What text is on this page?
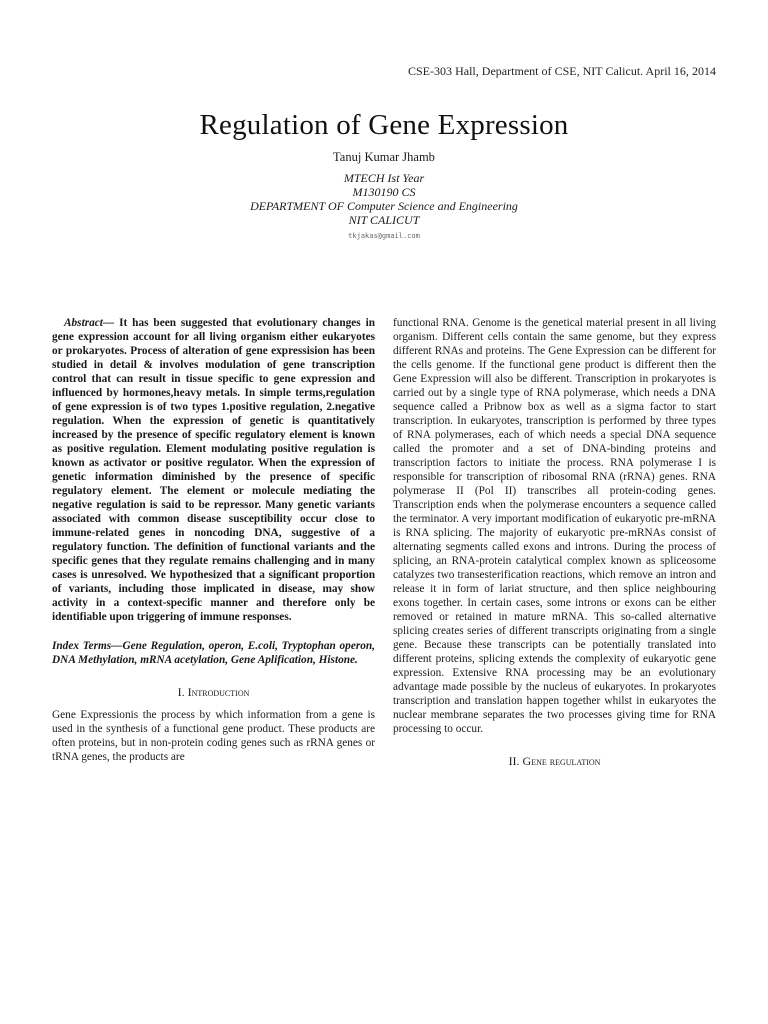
CSE-303 Hall, Department of CSE, NIT Calicut. April 16, 2014
Regulation of Gene Expression
Tanuj Kumar Jhamb
MTECH Ist Year
M130190 CS
DEPARTMENT OF Computer Science and Engineering
NIT CALICUT
tkjakas@gmail.com

Abstract— It has been suggested that evolutionary changes in gene expression account for all living organism either eukaryotes or prokaryotes. Process of alteration of gene expressision has been studied in detail & involves modulation of gene transcription control that can result in tissue specific to gene expression and influenced by hormones,heavy metals. In simple terms,regulation of gene expression is of two types 1.positive regulation, 2.negative regulation. When the expression of genetic is quantitatively increased by the presence of specific regulatory element is known as positive regulation. Element modulating positive regulation is known as activator or positive regulator. When the expression of genetic information diminished by the presence of specific regulatory element. The element or molecule mediating the negative regulation is said to be repressor. Many genetic variants associated with common disease susceptibility occur close to immune-related genes in noncoding DNA, suggestive of a regulatory function. The definition of functional variants and the specific genes that they regulate remains challenging and in many cases is unresolved. We hypothesized that a significant proportion of variants, including those implicated in disease, may show activity in a context-specific manner and therefore only be identifiable upon triggering of immune responses.

Index Terms—Gene Regulation, operon, E.coli, Tryptophan operon, DNA Methylation, mRNA acetylation, Gene Aplification, Histone.

I. Introduction

Gene Expressionis the process by which information from a gene is used in the synthesis of a functional gene product. These products are often proteins, but in non-protein coding genes such as rRNA genes or tRNA genes, the products are

functional RNA. Genome is the genetical material present in all living organism. Different cells contain the same genome, but they express different RNAs and proteins. The Gene Expression can be different for the cells genome. If the functional gene product is different then the Gene Expression will also be different. Transcription in prokaryotes is carried out by a single type of RNA polymerase, which needs a DNA sequence called a Pribnow box as well as a sigma factor to start transcription. In eukaryotes, transcription is performed by three types of RNA polymerases, each of which needs a special DNA sequence called the promoter and a set of DNA-binding proteins and transcription factors to initiate the process. RNA polymerase I is responsible for transcription of ribosomal RNA (rRNA) genes. RNA polymerase II (Pol II) transcribes all protein-coding genes. Transcription ends when the polymerase encounters a sequence called the terminator. A very important modification of eukaryotic pre-mRNA is RNA splicing. The majority of eukaryotic pre-mRNAs consist of alternating segments called exons and introns. During the process of splicing, an RNA-protein catalytical complex known as spliceosome catalyzes two transesterification reactions, which remove an intron and release it in form of lariat structure, and then splice neighbouring exons together. In certain cases, some introns or exons can be either removed or retained in mature mRNA. This so-called alternative splicing creates series of different transcripts originating from a single gene. Because these transcripts can be potentially translated into different proteins, splicing extends the complexity of eukaryotic gene expression. Extensive RNA processing may be an evolutionary advantage made possible by the nucleus of eukaryotes. In prokaryotes transcription and translation happen together whilst in eukaryotes the nuclear membrane separates the two processes giving time for RNA processing to occur.

II. Gene regulation
